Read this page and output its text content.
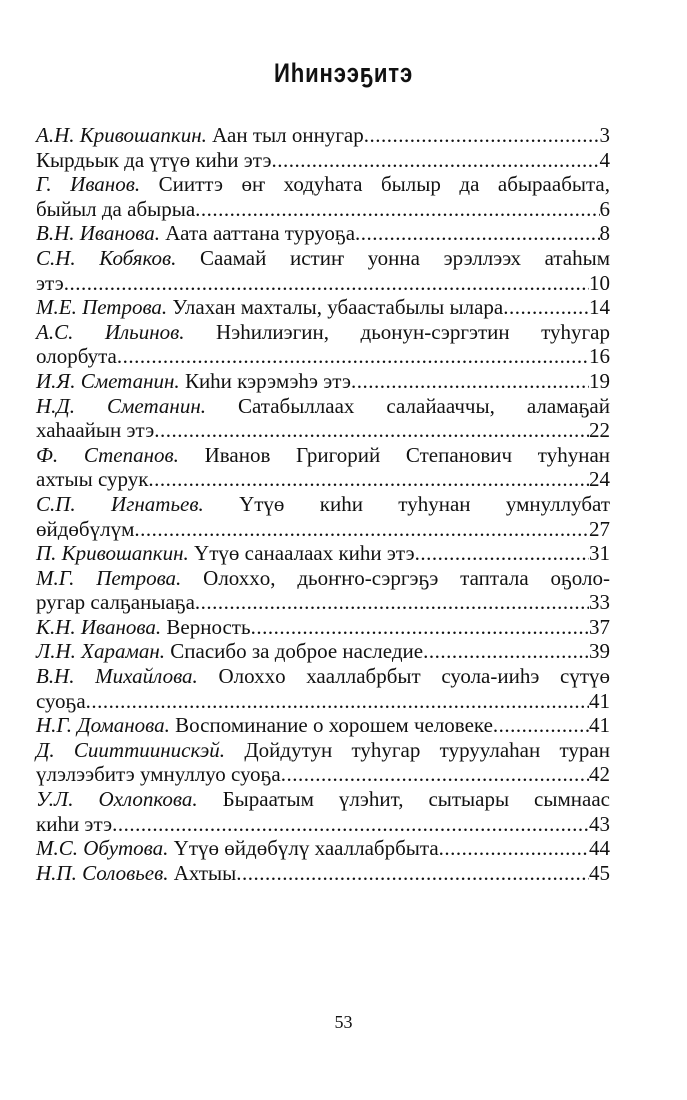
Иһинээҕитэ
А.Н. Кривошапкин. Аан тыл оннугар .....	3
Кырдьык да үтүө киһи этэ .....	4
Г. Иванов. Сииттэ өҥ ходуһата былыр да абыраабыта,
быйыл да абырыа .....	6
В.Н. Иванова. Аата ааттана туруоҕа .....	8
С.Н. Кобяков. Саамай истиҥ уонна эрэллээх атаһым
этэ .....	10
М.Е. Петрова. Улахан махталы, убаастабылы ылара .....	14
А.С. Ильинов. Нэһилиэгин, дьонун-сэргэтин туһугар
олорбута .....	16
И.Я. Сметанин. Киһи кэрэмэһэ этэ .....	19
Н.Д. Сметанин. Сатабыллаах салайааччы, аламаҕай
хаһаайын этэ .....	22
Ф. Степанов. Иванов Григорий Степанович туһунан
ахтыы сурук .....	24
С.П. Игнатьев. Үтүө киһи туһунан умнуллубат
өйдөбүлүм .....	27
П. Кривошапкин. Үтүө санаалаах киһи этэ .....	31
М.Г. Петрова. Олохxо, дьоҥҥо-сэргэҕэ таптала оҕоло-
ругар салҕаныаҕа .....	33
К.Н. Иванова. Верность .....	37
Л.Н. Хараман. Спасибо за доброе наследие .....	39
В.Н. Михайлова. Олохxо хааллабрбыт суола-ииһэ сүтүө
суоҕа .....	41
Н.Г. Доманова. Воспоминание о хорошем человеке .....	41
Д. Сииттиинискэй. Дойдутун туһугар туруулаһан туран
үлэлээбитэ умнуллуо суоҕа .....	42
У.Л. Охлопкова. Быраатым үлэһит, сытыары сымнаас
киһи этэ .....	43
М.С. Обутова. Үтүө өйдөбүлү хааллабрбыта .....	44
Н.П. Соловьев. Ахтыы .....	45
53
